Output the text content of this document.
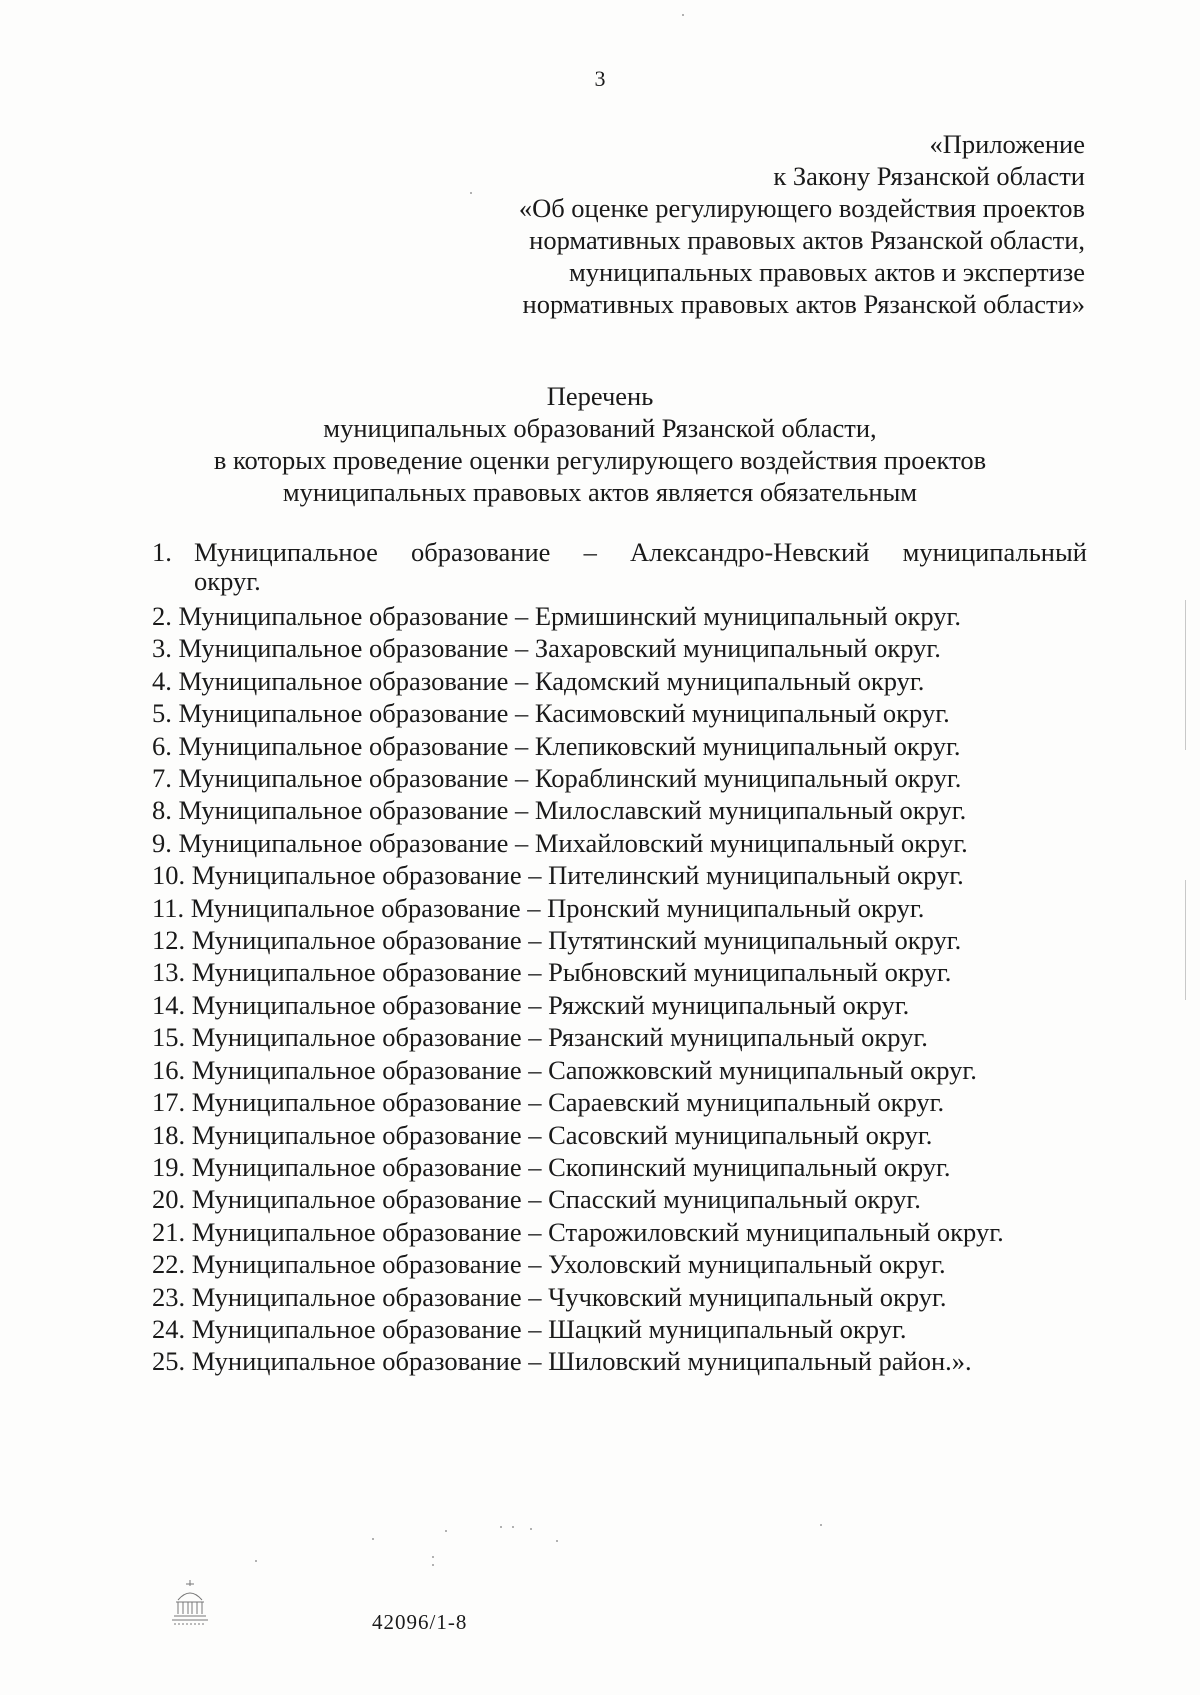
3
«Приложение
к Закону Рязанской области
«Об оценке регулирующего воздействия проектов
нормативных правовых актов Рязанской области,
муниципальных правовых актов и экспертизе
нормативных правовых актов Рязанской области»
Перечень
муниципальных образований Рязанской области,
в которых проведение оценки регулирующего воздействия проектов
муниципальных правовых актов является обязательным
1. Муниципальное образование – Александро-Невский муниципальный
округ.
2. Муниципальное образование – Ермишинский муниципальный округ.
3. Муниципальное образование – Захаровский муниципальный округ.
4. Муниципальное образование – Кадомский муниципальный округ.
5. Муниципальное образование – Касимовский муниципальный округ.
6. Муниципальное образование – Клепиковский муниципальный округ.
7. Муниципальное образование – Кораблинский муниципальный округ.
8. Муниципальное образование – Милославский муниципальный округ.
9. Муниципальное образование – Михайловский муниципальный округ.
10. Муниципальное образование – Пителинский муниципальный округ.
11. Муниципальное образование – Пронский муниципальный округ.
12. Муниципальное образование – Путятинский муниципальный округ.
13. Муниципальное образование – Рыбновский муниципальный округ.
14. Муниципальное образование – Ряжский муниципальный округ.
15. Муниципальное образование – Рязанский муниципальный округ.
16. Муниципальное образование – Сапожковский муниципальный округ.
17. Муниципальное образование – Сараевский муниципальный округ.
18. Муниципальное образование – Сасовский муниципальный округ.
19. Муниципальное образование – Скопинский муниципальный округ.
20. Муниципальное образование – Спасский муниципальный округ.
21. Муниципальное образование – Старожиловский муниципальный округ.
22. Муниципальное образование – Ухоловский муниципальный округ.
23. Муниципальное образование – Чучковский муниципальный округ.
24. Муниципальное образование – Шацкий муниципальный округ.
25. Муниципальное образование – Шиловский муниципальный район.».
42096/1-8
